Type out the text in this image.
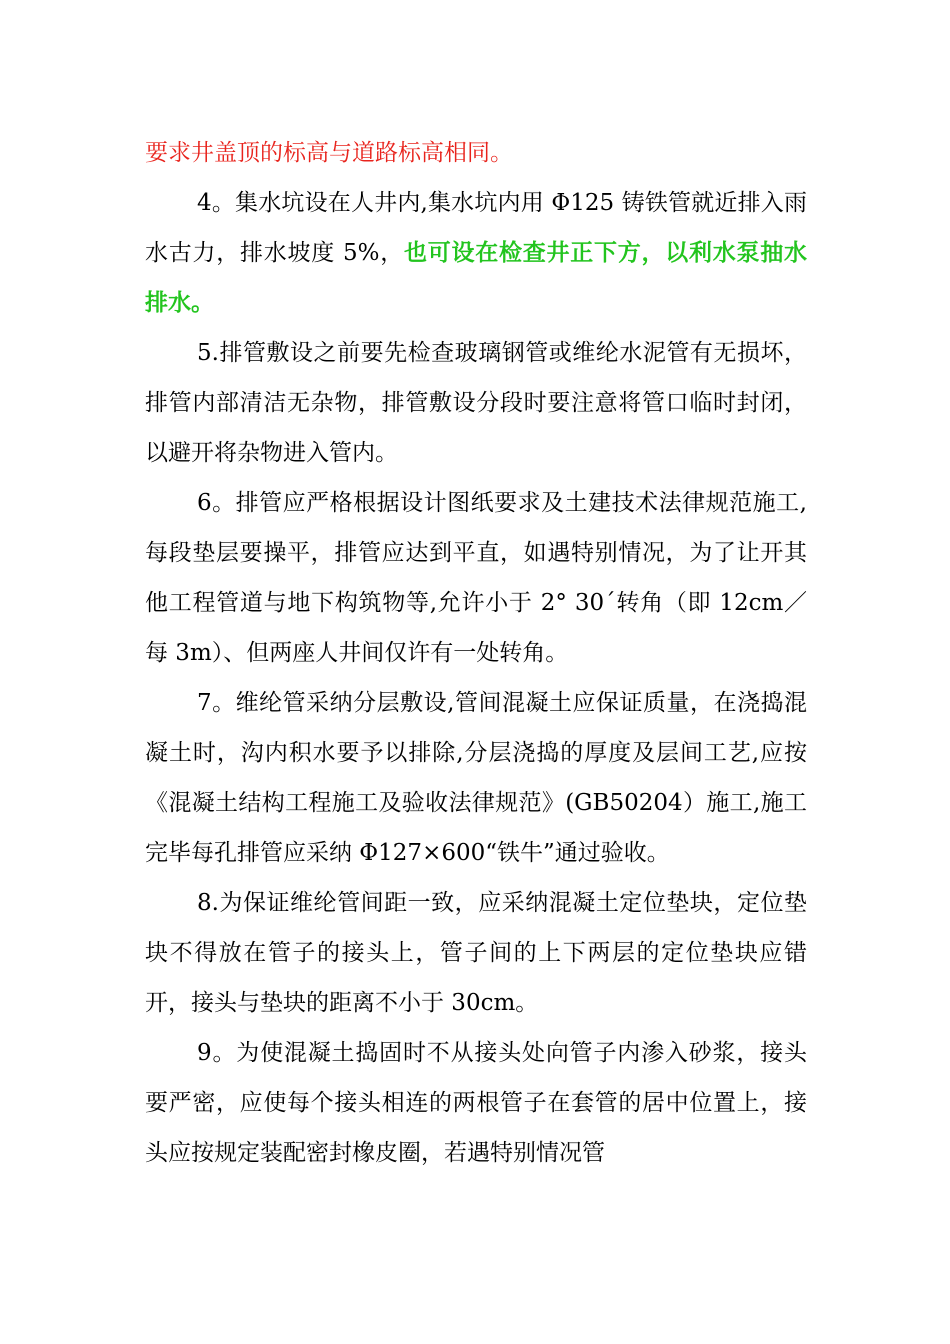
要求井盖顶的标高与道路标高相同。

4。集水坑设在人井内,集水坑内用 Φ125 铸铁管就近排入雨水古力，排水坡度 5%，也可设在检查井正下方，以利水泵抽水排水。

5.排管敷设之前要先检查玻璃钢管或维纶水泥管有无损坏，排管内部清洁无杂物，排管敷设分段时要注意将管口临时封闭，以避开将杂物进入管内。

6。排管应严格根据设计图纸要求及土建技术法律规范施工,每段垫层要操平，排管应达到平直，如遇特别情况，为了让开其他工程管道与地下构筑物等,允许小于 2° 30´转角（即 12cm／每 3m）、但两座人井间仅许有一处转角。

7。维纶管采纳分层敷设,管间混凝土应保证质量，在浇捣混凝土时，沟内积水要予以排除,分层浇捣的厚度及层间工艺,应按《混凝土结构工程施工及验收法律规范》(GB50204）施工,施工完毕每孔排管应采纳 Φ127×600“铁牛”通过验收。

8.为保证维纶管间距一致，应采纳混凝土定位垫块，定位垫块不得放在管子的接头上，管子间的上下两层的定位垫块应错开，接头与垫块的距离不小于 30cm。

9。为使混凝土捣固时不从接头处向管子内渗入砂浆，接头要严密，应使每个接头相连的两根管子在套管的居中位置上，接头应按规定装配密封橡皮圈，若遇特别情况管
